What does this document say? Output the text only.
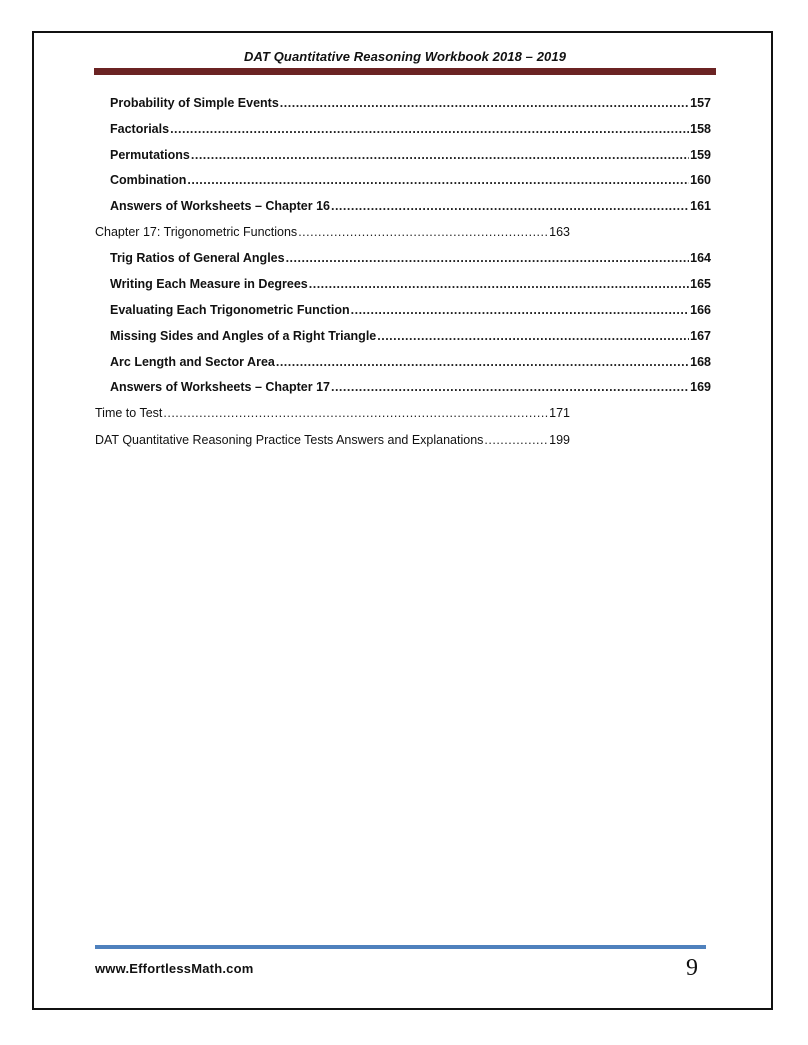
DAT Quantitative Reasoning Workbook 2018 – 2019
Probability of Simple Events .....	157
Factorials .....	158
Permutations .....	159
Combination .....	160
Answers of Worksheets – Chapter 16 .....	161
Chapter 17: Trigonometric Functions .....	163
Trig Ratios of General Angles .....	164
Writing Each Measure in Degrees .....	165
Evaluating Each Trigonometric Function .....	166
Missing Sides and Angles of a Right Triangle .....	167
Arc Length and Sector Area .....	168
Answers of Worksheets – Chapter 17 .....	169
Time to Test .....	171
DAT Quantitative Reasoning Practice Tests Answers and Explanations .....	199
www.EffortlessMath.com	9
